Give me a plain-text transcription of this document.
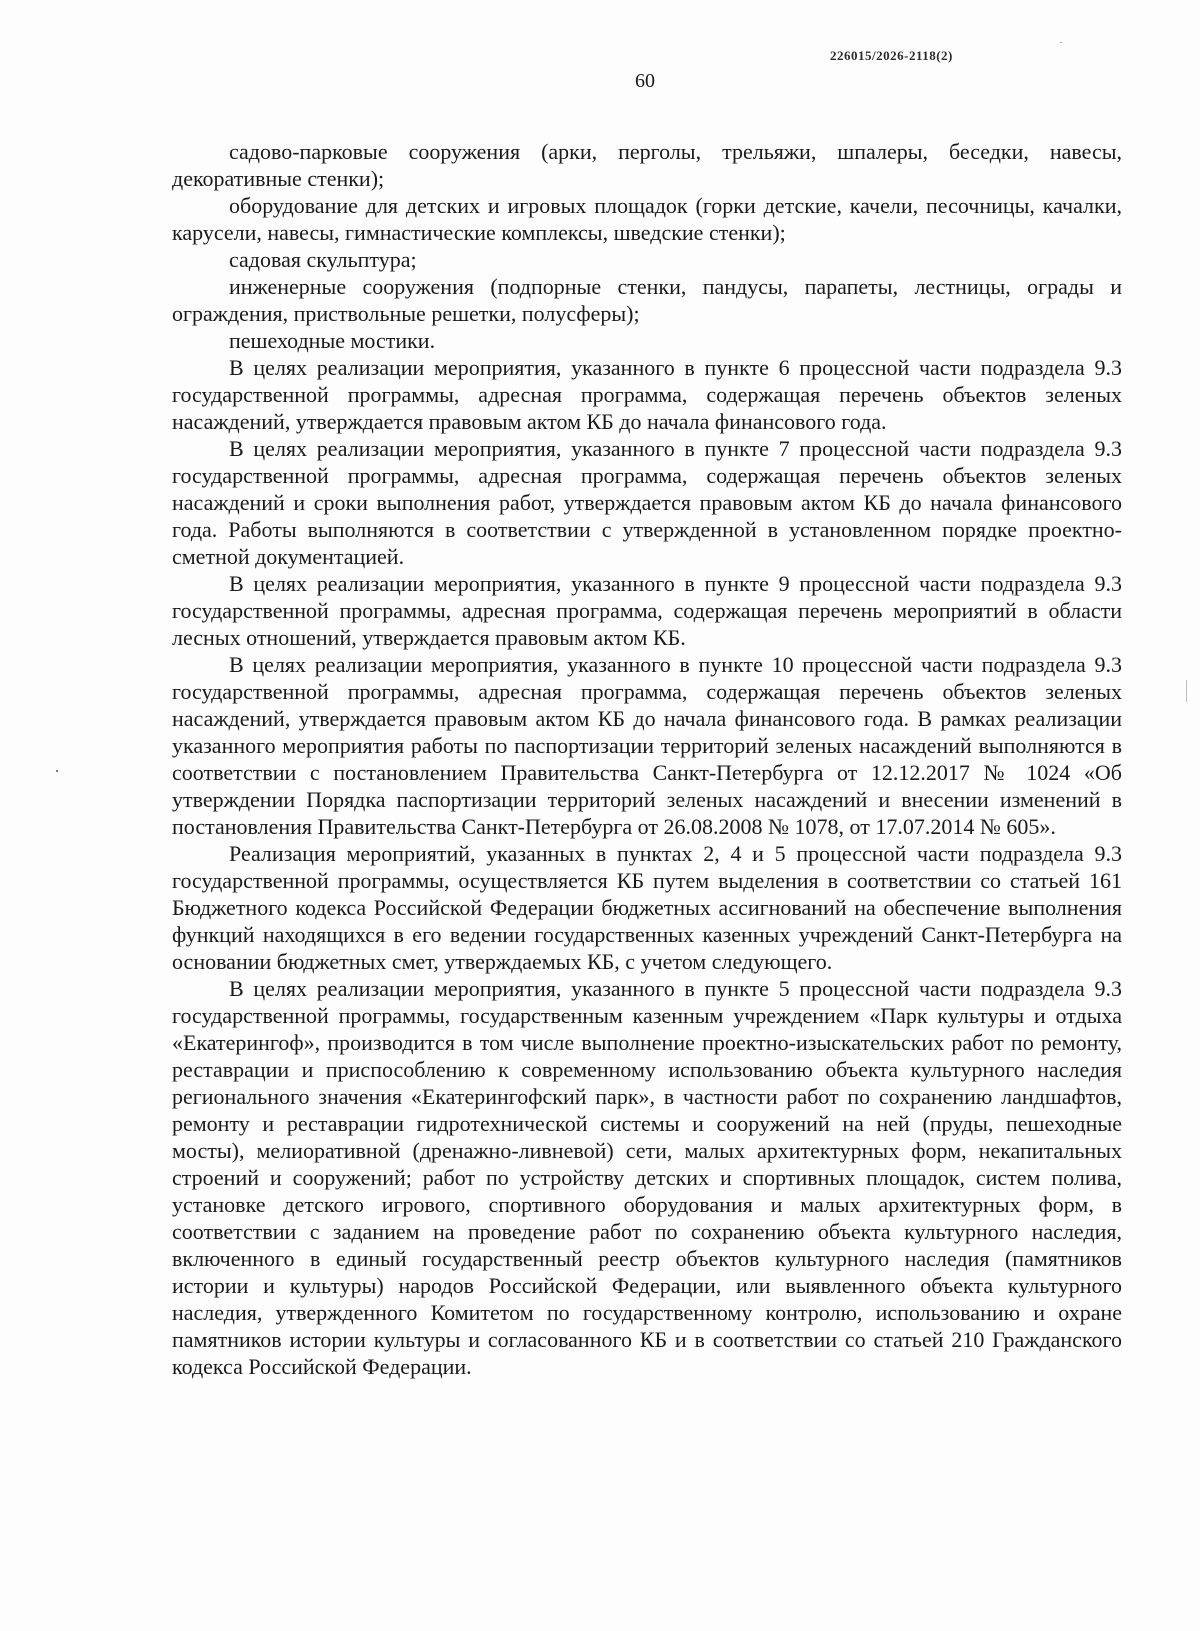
226015/2026-2118(2)
60

садово-парковые сооружения (арки, перголы, трельяжи, шпалеры, беседки, навесы, декоративные стенки);

оборудование для детских и игровых площадок (горки детские, качели, песочницы, качалки, карусели, навесы, гимнастические комплексы, шведские стенки);

садовая скульптура;

инженерные сооружения (подпорные стенки, пандусы, парапеты, лестницы, ограды и ограждения, приствольные решетки, полусферы);

пешеходные мостики.

В целях реализации мероприятия, указанного в пункте 6 процессной части подраздела 9.3 государственной программы, адресная программа, содержащая перечень объектов зеленых насаждений, утверждается правовым актом КБ до начала финансового года.

В целях реализации мероприятия, указанного в пункте 7 процессной части подраздела 9.3 государственной программы, адресная программа, содержащая перечень объектов зеленых насаждений и сроки выполнения работ, утверждается правовым актом КБ до начала финансового года. Работы выполняются в соответствии с утвержденной в установленном порядке проектно-сметной документацией.

В целях реализации мероприятия, указанного в пункте 9 процессной части подраздела 9.3 государственной программы, адресная программа, содержащая перечень мероприятий в области лесных отношений, утверждается правовым актом КБ.

В целях реализации мероприятия, указанного в пункте 10 процессной части подраздела 9.3 государственной программы, адресная программа, содержащая перечень объектов зеленых насаждений, утверждается правовым актом КБ до начала финансового года. В рамках реализации указанного мероприятия работы по паспортизации территорий зеленых насаждений выполняются в соответствии с постановлением Правительства Санкт-Петербурга от 12.12.2017 № 1024 «Об утверждении Порядка паспортизации территорий зеленых насаждений и внесении изменений в постановления Правительства Санкт-Петербурга от 26.08.2008 № 1078, от 17.07.2014 № 605».

Реализация мероприятий, указанных в пунктах 2, 4 и 5 процессной части подраздела 9.3 государственной программы, осуществляется КБ путем выделения в соответствии со статьей 161 Бюджетного кодекса Российской Федерации бюджетных ассигнований на обеспечение выполнения функций находящихся в его ведении государственных казенных учреждений Санкт-Петербурга на основании бюджетных смет, утверждаемых КБ, с учетом следующего.

В целях реализации мероприятия, указанного в пункте 5 процессной части подраздела 9.3 государственной программы, государственным казенным учреждением «Парк культуры и отдыха «Екатерингоф», производится в том числе выполнение проектно-изыскательских работ по ремонту, реставрации и приспособлению к современному использованию объекта культурного наследия регионального значения «Екатерингофский парк», в частности работ по сохранению ландшафтов, ремонту и реставрации гидротехнической системы и сооружений на ней (пруды, пешеходные мосты), мелиоративной (дренажно-ливневой) сети, малых архитектурных форм, некапитальных строений и сооружений; работ по устройству детских и спортивных площадок, систем полива, установке детского игрового, спортивного оборудования и малых архитектурных форм, в соответствии с заданием на проведение работ по сохранению объекта культурного наследия, включенного в единый государственный реестр объектов культурного наследия (памятников истории и культуры) народов Российской Федерации, или выявленного объекта культурного наследия, утвержденного Комитетом по государственному контролю, использованию и охране памятников истории культуры и согласованного КБ и в соответствии со статьей 210 Гражданского кодекса Российской Федерации.
